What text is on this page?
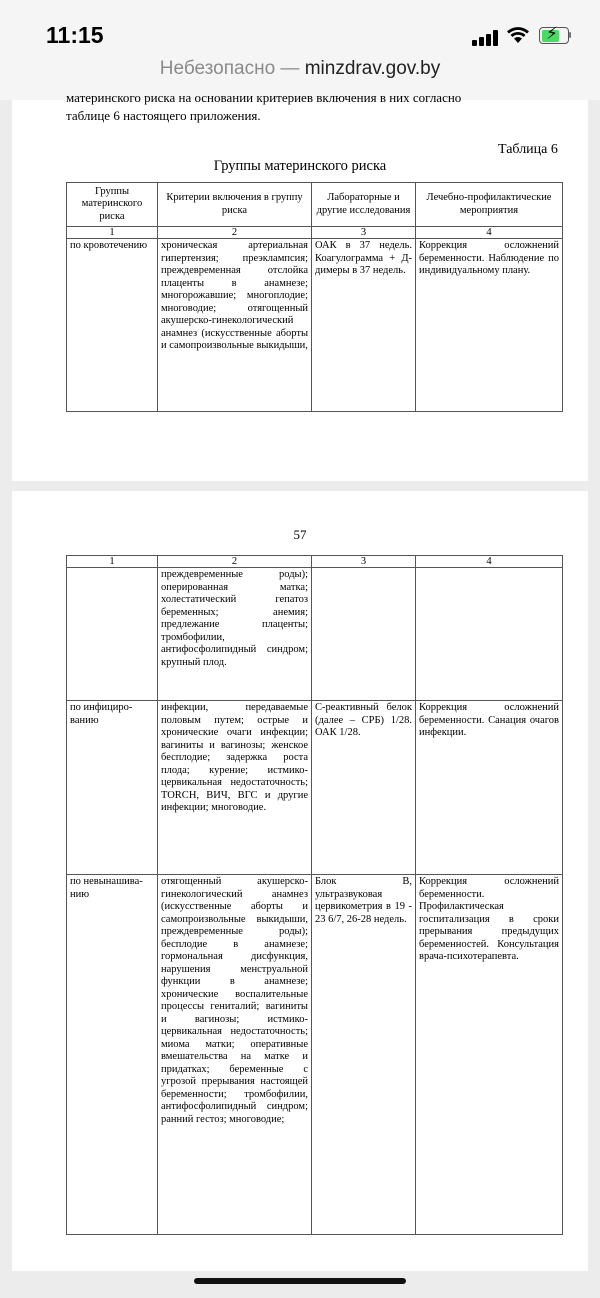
11:15	⚡
Небезопасно — minzdrav.gov.by
материнского риска на основании критериев включения в них согласно
таблице 6 настоящего приложения.
Таблица 6
Группы материнского риска
Группы материнского риска	Критерии включения в группу риска	Лабораторные и другие исследования	Лечебно-профилактические мероприятия
1	2	3	4
по кровотечению	хроническая артериальная гипертензия; преэклампсия; преждевременная отслойка плаценты в анамнезе; многорожавшие; многоплодие; многоводие; отягощенный акушерско-гинекологический анамнез (искусственные аборты и самопроизвольные выкидыши,	ОАК в 37 недель. Коагулограмма + Д-димеры в 37 недель.	Коррекция осложнений беременности. Наблюдение по индивидуальному плану.
57
1	2	3	4
	преждевременные роды); оперированная матка; холестатический гепатоз беременных; анемия; предлежание плаценты; тромбофилии, антифосфолипидный синдром; крупный плод.		
по инфициро-ванию	инфекции, передаваемые половым путем; острые и хронические очаги инфекции; вагиниты и вагинозы; женское бесплодие; задержка роста плода; курение; истмико-цервикальная недостаточность; TORCH, ВИЧ, ВГС и другие инфекции; многоводие.	С-реактивный белок (далее – СРБ) 1/28. ОАК 1/28.	Коррекция осложнений беременности. Санация очагов инфекции.
по невынашива-нию	отягощенный акушерско-гинекологический анамнез (искусственные аборты и самопроизвольные выкидыши, преждевременные роды); бесплодие в анамнезе; гормональная дисфункция, нарушения менструальной функции в анамнезе; хронические воспалительные процессы гениталий; вагиниты и вагинозы; истмико-цервикальная недостаточность; миома матки; оперативные вмешательства на матке и придатках; беременные с угрозой прерывания настоящей беременности; тромбофилии, антифосфолипидный синдром; ранний гестоз; многоводие;	Блок В, ультразвуковая цервикометрия в 19 - 23 6/7, 26-28 недель.	Коррекция осложнений беременности. Профилактическая госпитализация в сроки прерывания предыдущих беременностей. Консультация врача-психотерапевта.
